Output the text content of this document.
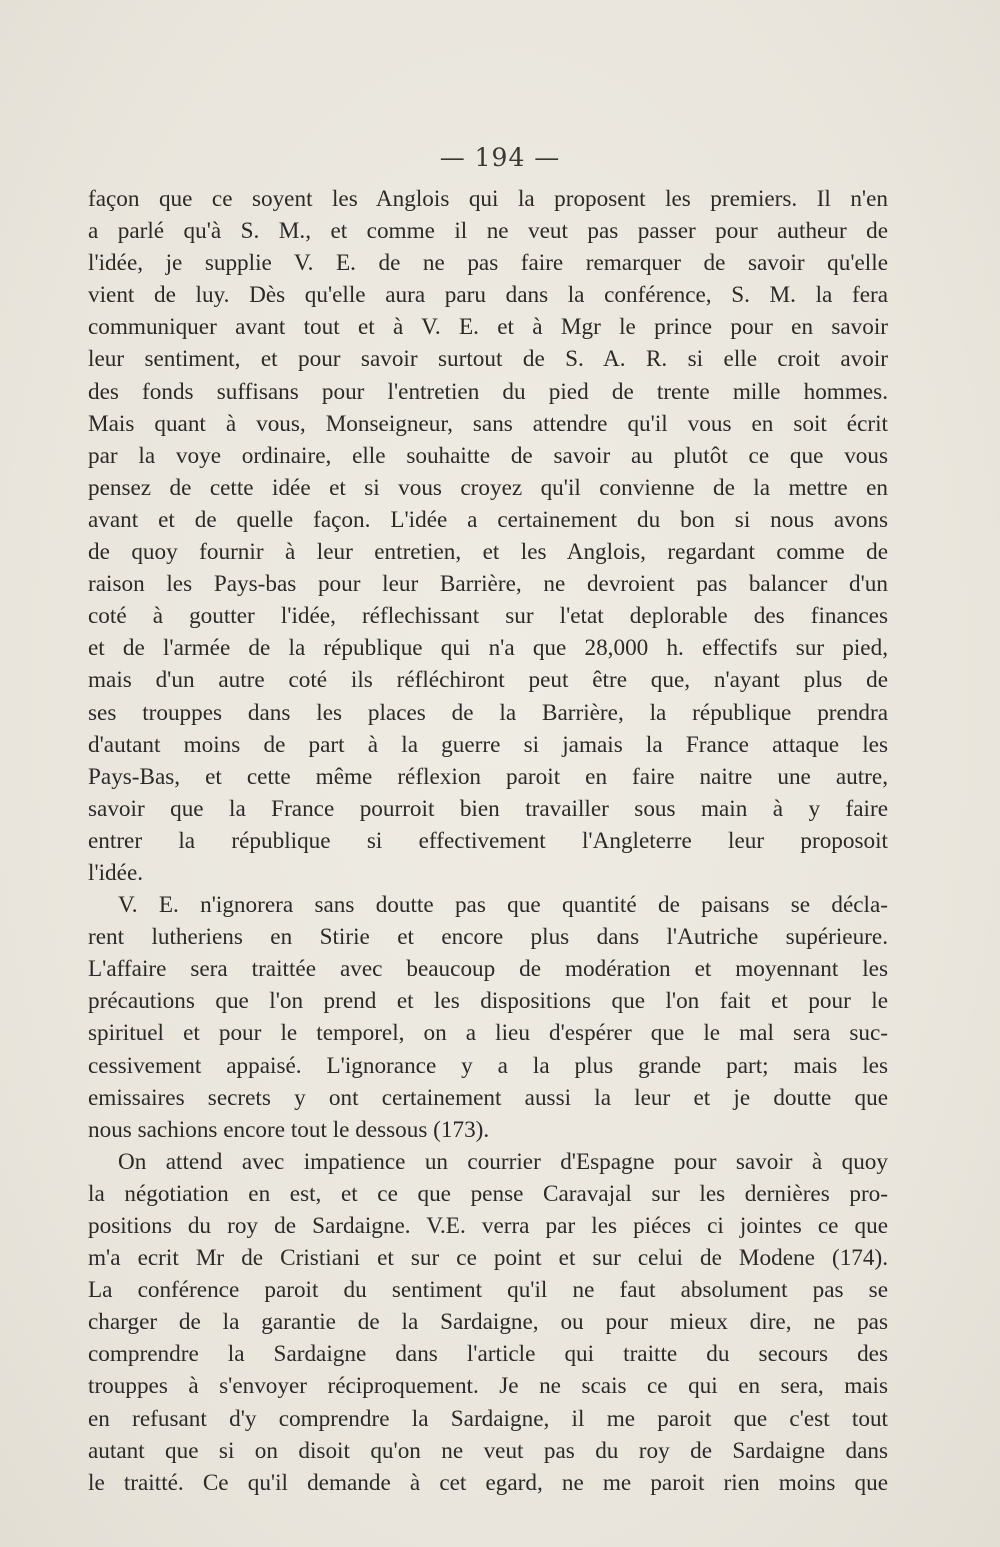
— 194 —
façon que ce soyent les Anglois qui la proposent les premiers. Il n'en
a parlé qu'à S. M., et comme il ne veut pas passer pour autheur de
l'idée, je supplie V. E. de ne pas faire remarquer de savoir qu'elle
vient de luy. Dès qu'elle aura paru dans la conférence, S. M. la fera
communiquer avant tout et à V. E. et à Mgr le prince pour en savoir
leur sentiment, et pour savoir surtout de S. A. R. si elle croit avoir
des fonds suffisans pour l'entretien du pied de trente mille hommes.
Mais quant à vous, Monseigneur, sans attendre qu'il vous en soit écrit
par la voye ordinaire, elle souhaitte de savoir au plutôt ce que vous
pensez de cette idée et si vous croyez qu'il convienne de la mettre en
avant et de quelle façon. L'idée a certainement du bon si nous avons
de quoy fournir à leur entretien, et les Anglois, regardant comme de
raison les Pays-bas pour leur Barrière, ne devroient pas balancer d'un
coté à goutter l'idée, réflechissant sur l'etat deplorable des finances
et de l'armée de la république qui n'a que 28,000 h. effectifs sur pied,
mais d'un autre coté ils réfléchiront peut être que, n'ayant plus de
ses trouppes dans les places de la Barrière, la république prendra
d'autant moins de part à la guerre si jamais la France attaque les
Pays-Bas, et cette même réflexion paroit en faire naitre une autre,
savoir que la France pourroit bien travailler sous main à y faire
entrer la république si effectivement l'Angleterre leur proposoit
l'idée.
V. E. n'ignorera sans doutte pas que quantité de paisans se décla-
rent lutheriens en Stirie et encore plus dans l'Autriche supérieure.
L'affaire sera traittée avec beaucoup de modération et moyennant les
précautions que l'on prend et les dispositions que l'on fait et pour le
spirituel et pour le temporel, on a lieu d'espérer que le mal sera suc-
cessivement appaisé. L'ignorance y a la plus grande part; mais les
emissaires secrets y ont certainement aussi la leur et je doutte que
nous sachions encore tout le dessous (173).
On attend avec impatience un courrier d'Espagne pour savoir à quoy
la négotiation en est, et ce que pense Caravajal sur les dernières pro-
positions du roy de Sardaigne. V.E. verra par les piéces ci jointes ce que
m'a ecrit Mr de Cristiani et sur ce point et sur celui de Modene (174).
La conférence paroit du sentiment qu'il ne faut absolument pas se
charger de la garantie de la Sardaigne, ou pour mieux dire, ne pas
comprendre la Sardaigne dans l'article qui traitte du secours des
trouppes à s'envoyer réciproquement. Je ne scais ce qui en sera, mais
en refusant d'y comprendre la Sardaigne, il me paroit que c'est tout
autant que si on disoit qu'on ne veut pas du roy de Sardaigne dans
le traitté. Ce qu'il demande à cet egard, ne me paroit rien moins que
